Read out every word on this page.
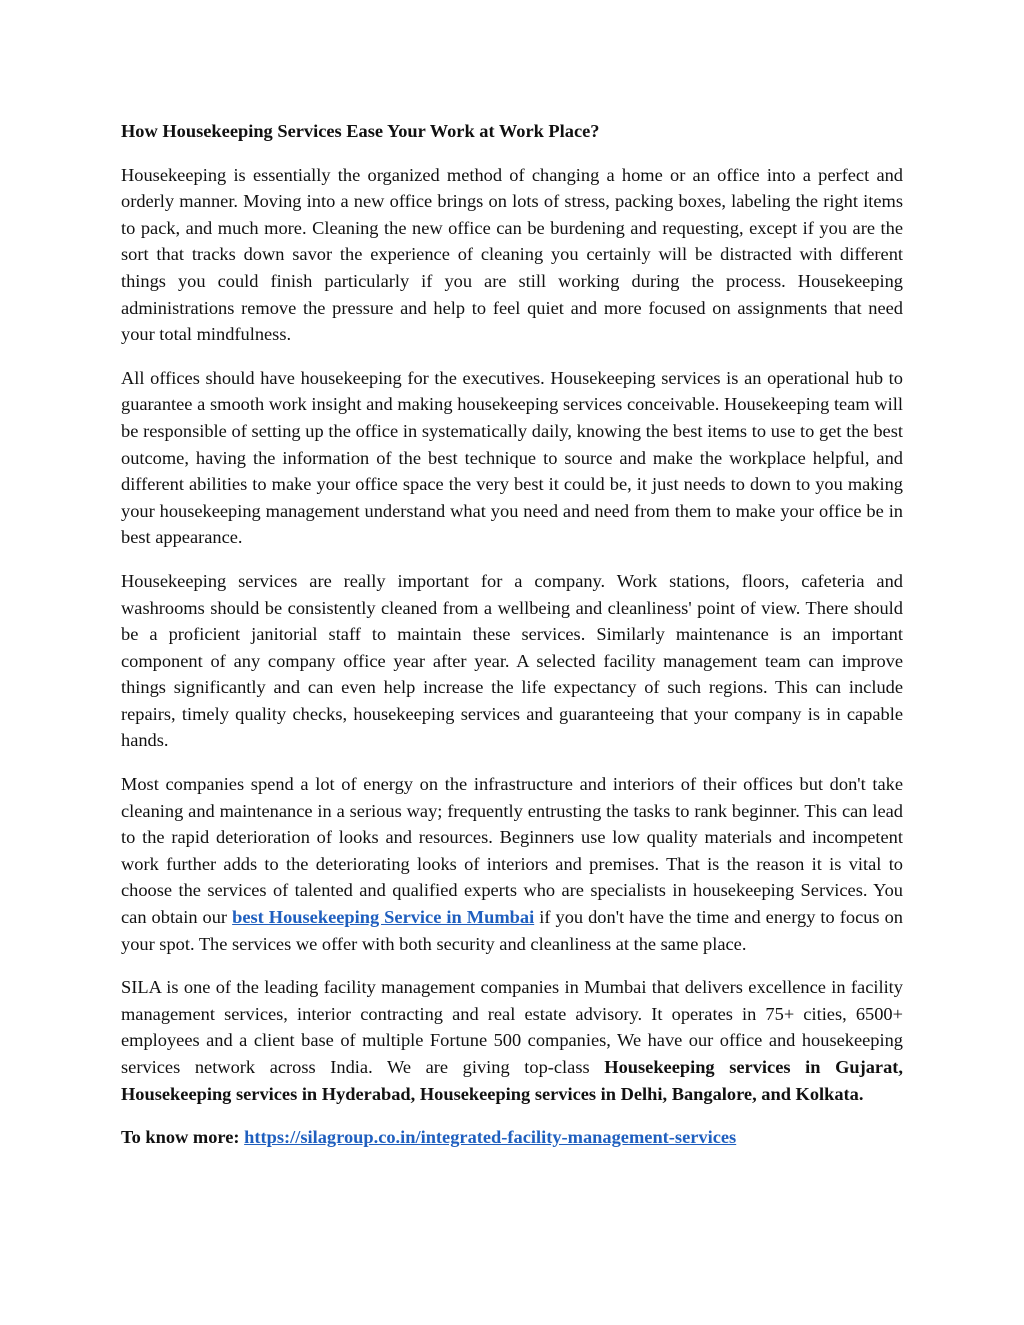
How Housekeeping Services Ease Your Work at Work Place?

Housekeeping is essentially the organized method of changing a home or an office into a perfect and orderly manner. Moving into a new office brings on lots of stress, packing boxes, labeling the right items to pack, and much more. Cleaning the new office can be burdening and requesting, except if you are the sort that tracks down savor the experience of cleaning you certainly will be distracted with different things you could finish particularly if you are still working during the process. Housekeeping administrations remove the pressure and help to feel quiet and more focused on assignments that need your total mindfulness.

All offices should have housekeeping for the executives. Housekeeping services is an operational hub to guarantee a smooth work insight and making housekeeping services conceivable. Housekeeping team will be responsible of setting up the office in systematically daily, knowing the best items to use to get the best outcome, having the information of the best technique to source and make the workplace helpful, and different abilities to make your office space the very best it could be, it just needs to down to you making your housekeeping management understand what you need and need from them to make your office be in best appearance.

Housekeeping services are really important for a company. Work stations, floors, cafeteria and washrooms should be consistently cleaned from a wellbeing and cleanliness' point of view. There should be a proficient janitorial staff to maintain these services. Similarly maintenance is an important component of any company office year after year. A selected facility management team can improve things significantly and can even help increase the life expectancy of such regions. This can include repairs, timely quality checks, housekeeping services and guaranteeing that your company is in capable hands.

Most companies spend a lot of energy on the infrastructure and interiors of their offices but don't take cleaning and maintenance in a serious way; frequently entrusting the tasks to rank beginner. This can lead to the rapid deterioration of looks and resources. Beginners use low quality materials and incompetent work further adds to the deteriorating looks of interiors and premises. That is the reason it is vital to choose the services of talented and qualified experts who are specialists in housekeeping Services. You can obtain our best Housekeeping Service in Mumbai if you don't have the time and energy to focus on your spot. The services we offer with both security and cleanliness at the same place.

SILA is one of the leading facility management companies in Mumbai that delivers excellence in facility management services, interior contracting and real estate advisory. It operates in 75+ cities, 6500+ employees and a client base of multiple Fortune 500 companies, We have our office and housekeeping services network across India. We are giving top-class Housekeeping services in Gujarat, Housekeeping services in Hyderabad, Housekeeping services in Delhi, Bangalore, and Kolkata.

To know more: https://silagroup.co.in/integrated-facility-management-services
